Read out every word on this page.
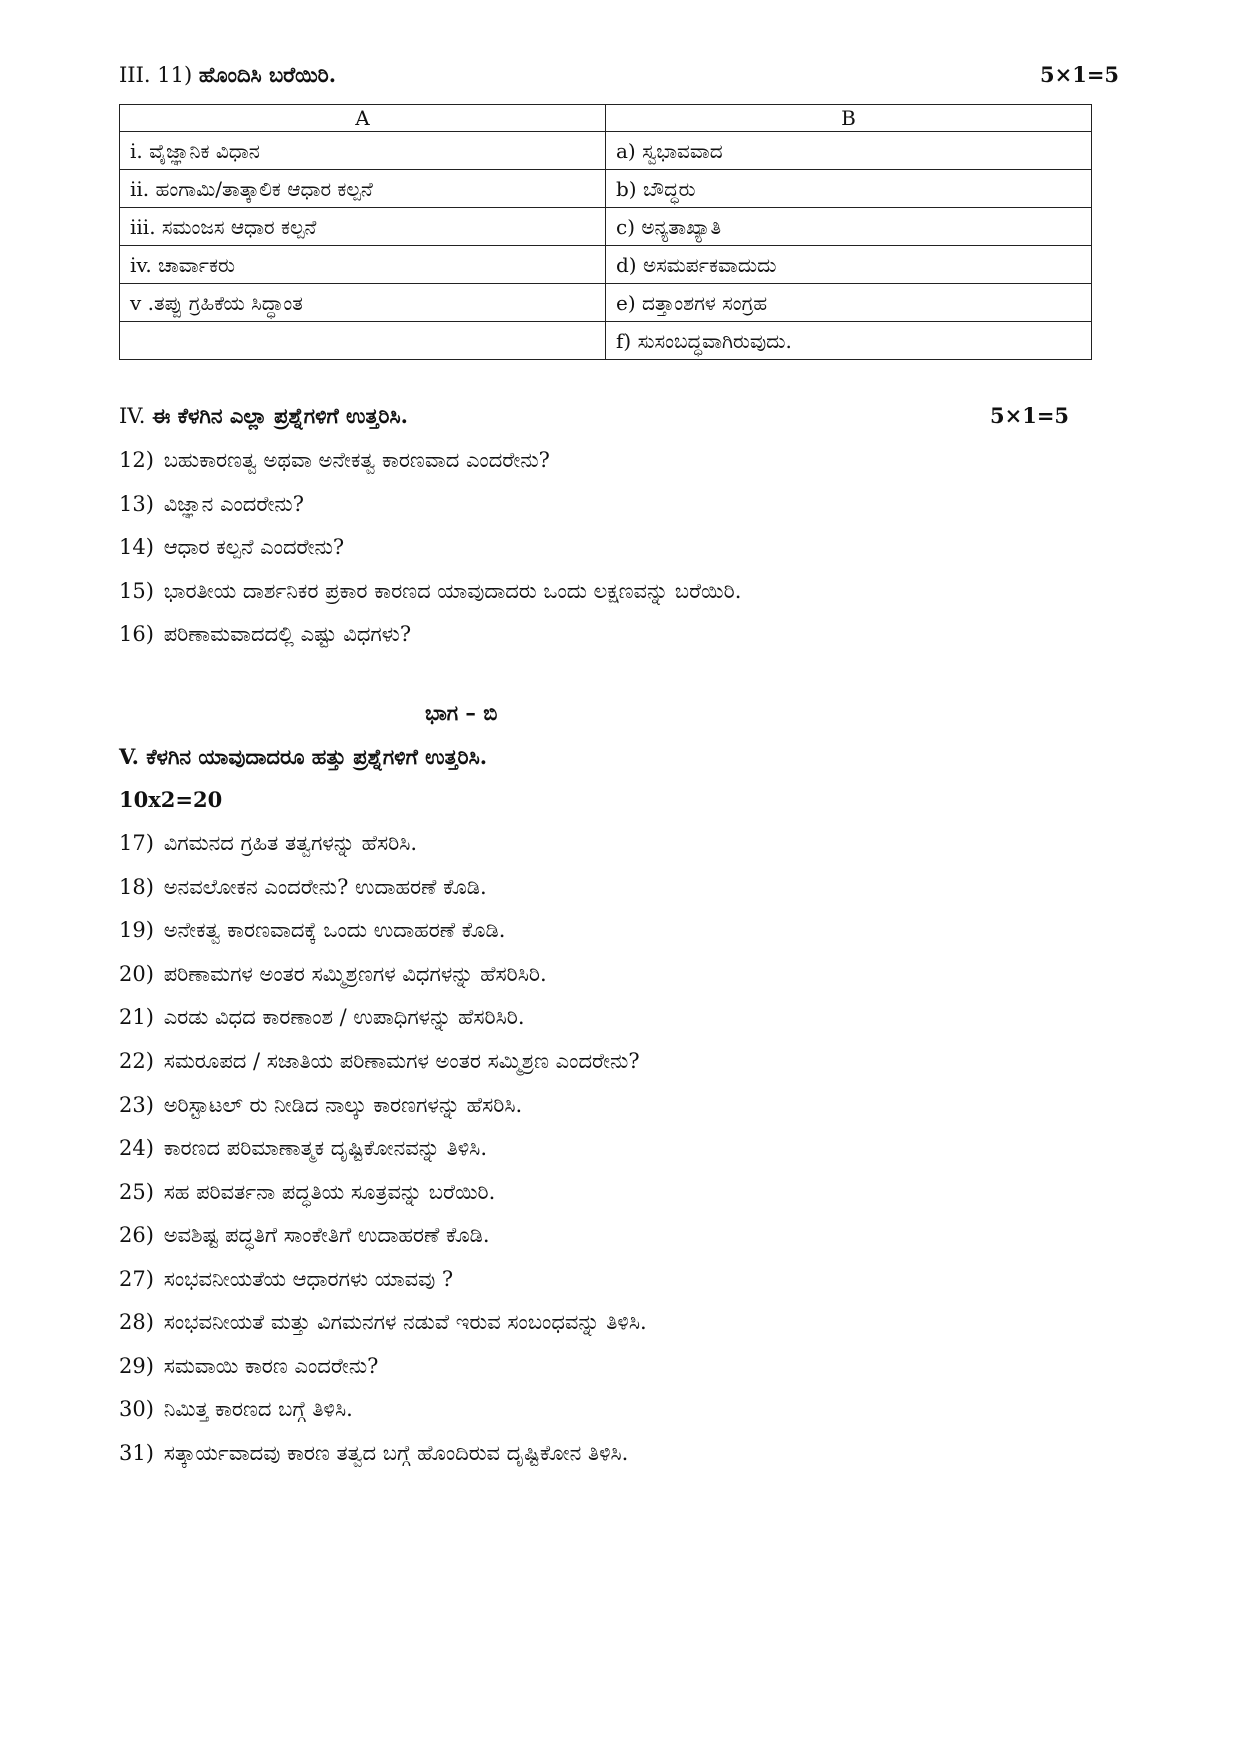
III. 11) ಹೊಂದಿಸಿ ಬರೆಯಿರಿ.	5×1=5
A	B
i. ವೈಜ್ಞಾನಿಕ ವಿಧಾನ	a) ಸ್ವಭಾವವಾದ
ii. ಹಂಗಾಮಿ/ತಾತ್ಕಾಲಿಕ ಆಧಾರ ಕಲ್ಪನೆ	b) ಬೌದ್ಧರು
iii. ಸಮಂಜಸ ಆಧಾರ ಕಲ್ಪನೆ	c) ಅನ್ಯತಾಖ್ಯಾತಿ
iv. ಚಾರ್ವಾಕರು	d) ಅಸಮರ್ಪಕವಾದುದು
v .ತಪ್ಪು ಗ್ರಹಿಕೆಯ ಸಿದ್ಧಾಂತ	e) ದತ್ತಾಂಶಗಳ ಸಂಗ್ರಹ
	f) ಸುಸಂಬದ್ಧವಾಗಿರುವುದು.
IV. ಈ ಕೆಳಗಿನ ಎಲ್ಲಾ ಪ್ರಶ್ನೆಗಳಿಗೆ ಉತ್ತರಿಸಿ.	5×1=5
12) ಬಹುಕಾರಣತ್ವ ಅಥವಾ ಅನೇಕತ್ವ ಕಾರಣವಾದ ಎಂದರೇನು?
13) ವಿಜ್ಞಾನ ಎಂದರೇನು?
14) ಆಧಾರ ಕಲ್ಪನೆ ಎಂದರೇನು?
15) ಭಾರತೀಯ ದಾರ್ಶನಿಕರ ಪ್ರಕಾರ ಕಾರಣದ ಯಾವುದಾದರು ಒಂದು ಲಕ್ಷಣವನ್ನು ಬರೆಯಿರಿ.
16) ಪರಿಣಾಮವಾದದಲ್ಲಿ ಎಷ್ಟು ವಿಧಗಳು?
ಭಾಗ – ಬಿ
V. ಕೆಳಗಿನ ಯಾವುದಾದರೂ ಹತ್ತು ಪ್ರಶ್ನೆಗಳಿಗೆ ಉತ್ತರಿಸಿ.
10x2=20
17) ವಿಗಮನದ ಗ್ರಹಿತ ತತ್ವಗಳನ್ನು ಹೆಸರಿಸಿ.
18) ಅನವಲೋಕನ ಎಂದರೇನು? ಉದಾಹರಣೆ ಕೊಡಿ.
19) ಅನೇಕತ್ವ ಕಾರಣವಾದಕ್ಕೆ ಒಂದು ಉದಾಹರಣೆ ಕೊಡಿ.
20) ಪರಿಣಾಮಗಳ ಅಂತರ ಸಮ್ಮಿಶ್ರಣಗಳ ವಿಧಗಳನ್ನು ಹೆಸರಿಸಿರಿ.
21) ಎರಡು ವಿಧದ ಕಾರಣಾಂಶ / ಉಪಾಧಿಗಳನ್ನು ಹೆಸರಿಸಿರಿ.
22) ಸಮರೂಪದ / ಸಜಾತಿಯ ಪರಿಣಾಮಗಳ ಅಂತರ ಸಮ್ಮಿಶ್ರಣ ಎಂದರೇನು?
23) ಅರಿಸ್ಟಾಟಲ್ ರು ನೀಡಿದ ನಾಲ್ಕು ಕಾರಣಗಳನ್ನು ಹೆಸರಿಸಿ.
24) ಕಾರಣದ ಪರಿಮಾಣಾತ್ಮಕ ದೃಷ್ಟಿಕೋನವನ್ನು ತಿಳಿಸಿ.
25) ಸಹ ಪರಿವರ್ತನಾ ಪದ್ಧತಿಯ ಸೂತ್ರವನ್ನು ಬರೆಯಿರಿ.
26) ಅವಶಿಷ್ಟ ಪದ್ಧತಿಗೆ ಸಾಂಕೇತಿಗೆ ಉದಾಹರಣೆ ಕೊಡಿ.
27) ಸಂಭವನೀಯತೆಯ ಆಧಾರಗಳು ಯಾವವು ?
28) ಸಂಭವನೀಯತೆ ಮತ್ತು ವಿಗಮನಗಳ ನಡುವೆ ಇರುವ ಸಂಬಂಧವನ್ನು ತಿಳಿಸಿ.
29) ಸಮವಾಯಿ ಕಾರಣ ಎಂದರೇನು?
30) ನಿಮಿತ್ತ ಕಾರಣದ ಬಗ್ಗೆ ತಿಳಿಸಿ.
31) ಸತ್ಕಾರ್ಯವಾದವು ಕಾರಣ ತತ್ವದ ಬಗ್ಗೆ ಹೊಂದಿರುವ ದೃಷ್ಟಿಕೋನ ತಿಳಿಸಿ.
